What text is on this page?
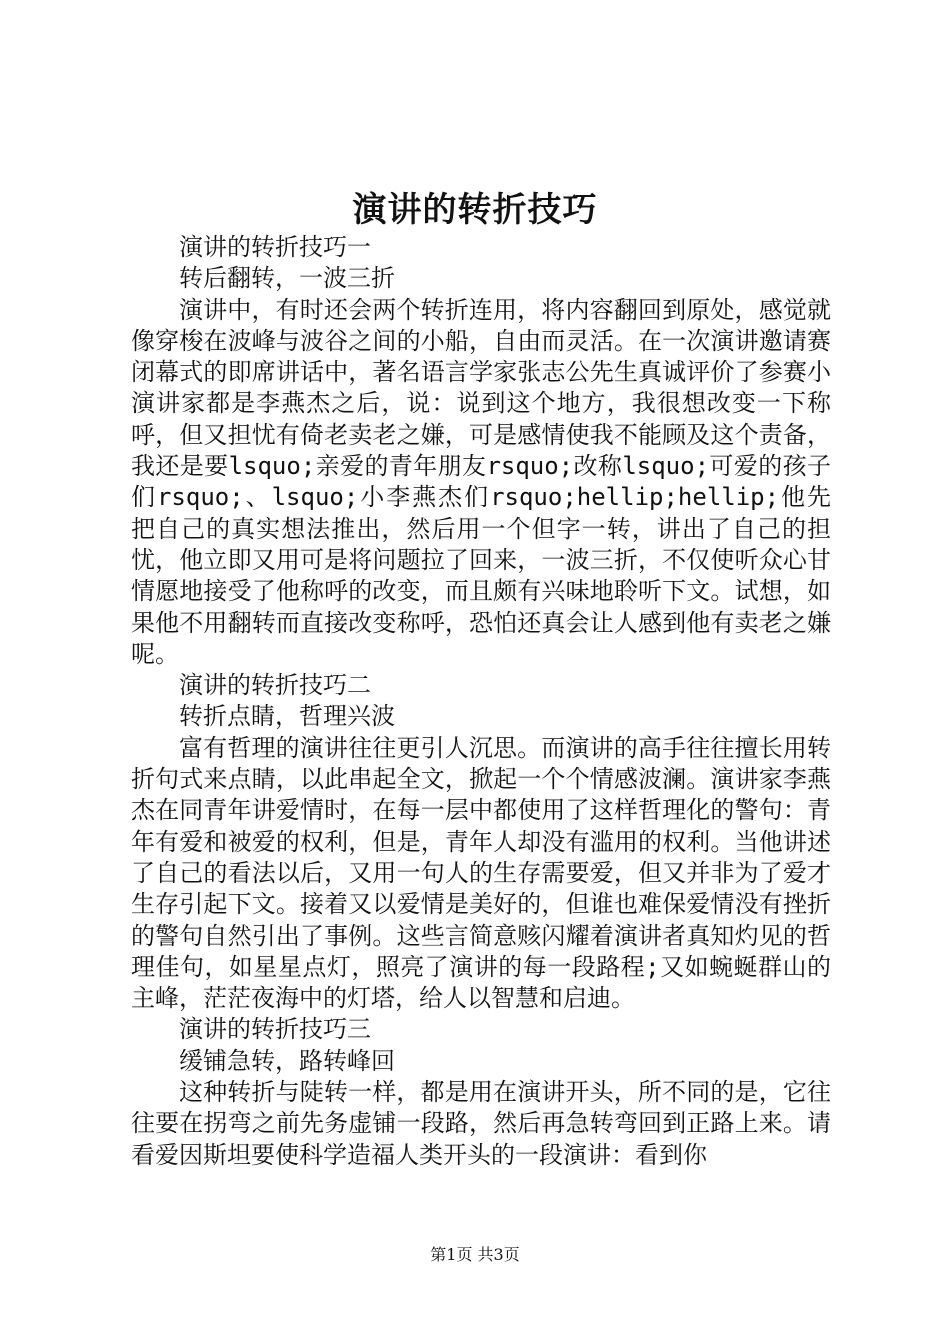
演讲的转折技巧

演讲的转折技巧一

转后翻转，一波三折

演讲中，有时还会两个转折连用，将内容翻回到原处，感觉就像穿梭在波峰与波谷之间的小船，自由而灵活。在一次演讲邀请赛闭幕式的即席讲话中，著名语言学家张志公先生真诚评价了参赛小演讲家都是李燕杰之后，说：说到这个地方，我很想改变一下称呼，但又担忧有倚老卖老之嫌，可是感情使我不能顾及这个责备，我还是要lsquo;亲爱的青年朋友rsquo;改称lsquo;可爱的孩子们rsquo;、lsquo;小李燕杰们rsquo;hellip;hellip;他先把自己的真实想法推出，然后用一个但字一转，讲出了自己的担忧，他立即又用可是将问题拉了回来，一波三折，不仅使听众心甘情愿地接受了他称呼的改变，而且颇有兴味地聆听下文。试想，如果他不用翻转而直接改变称呼，恐怕还真会让人感到他有卖老之嫌呢。

演讲的转折技巧二

转折点睛，哲理兴波

富有哲理的演讲往往更引人沉思。而演讲的高手往往擅长用转折句式来点睛，以此串起全文，掀起一个个情感波澜。演讲家李燕杰在同青年讲爱情时，在每一层中都使用了这样哲理化的警句：青年有爱和被爱的权利，但是，青年人却没有滥用的权利。当他讲述了自己的看法以后，又用一句人的生存需要爱，但又并非为了爱才生存引起下文。接着又以爱情是美好的，但谁也难保爱情没有挫折的警句自然引出了事例。这些言简意赅闪耀着演讲者真知灼见的哲理佳句，如星星点灯，照亮了演讲的每一段路程;又如蜿蜒群山的主峰，茫茫夜海中的灯塔，给人以智慧和启迪。

演讲的转折技巧三

缓铺急转，路转峰回

这种转折与陡转一样，都是用在演讲开头，所不同的是，它往往要在拐弯之前先务虚铺一段路，然后再急转弯回到正路上来。请看爱因斯坦要使科学造福人类开头的一段演讲：看到你

第1页 共3页
